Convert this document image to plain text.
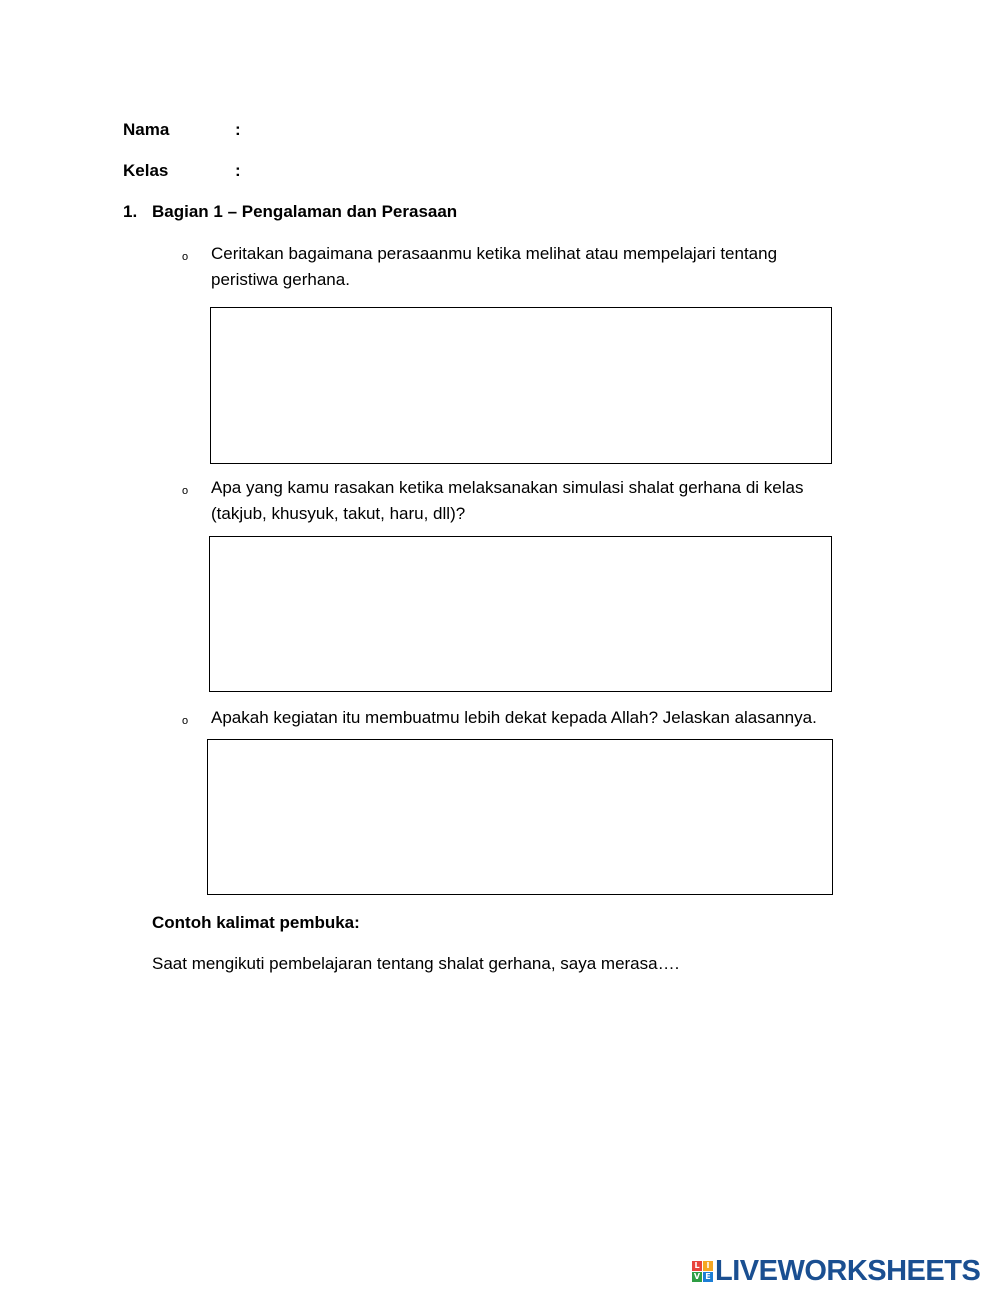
Nama	:
Kelas	:
1. Bagian 1 – Pengalaman dan Perasaan
o Ceritakan bagaimana perasaanmu ketika melihat atau mempelajari tentang
peristiwa gerhana.
o Apa yang kamu rasakan ketika melaksanakan simulasi shalat gerhana di kelas
(takjub, khusyuk, takut, haru, dll)?
o Apakah kegiatan itu membuatmu lebih dekat kepada Allah? Jelaskan alasannya.
Contoh kalimat pembuka:
Saat mengikuti pembelajaran tentang shalat gerhana, saya merasa….
L I
V E LIVEWORKSHEETS
